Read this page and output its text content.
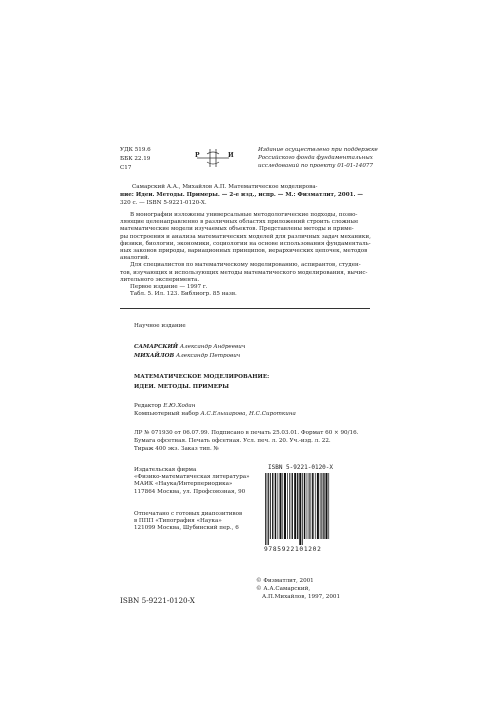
УДК 519.6
ББК 22.19
С17
Р	И
Издание осуществлено при поддержке
Российского фонда фундаментальных
исследований по проекту 01-01-14077
Самарский А.А., Михайлов А.П. Математическое моделирова-
ние: Идеи. Методы. Примеры. — 2-е изд., испр. — М.: Физматлит, 2001. —
320 с. — ISBN 5-9221-0120-X.
В монографии изложены универсальные методологические подходы, позво-
ляющие целенаправленно в различных областях приложений строить сложные
математические модели изучаемых объектов. Представлены методы и приме-
ры построения и анализа математических моделей для различных задач механики,
физики, биологии, экономики, социологии на основе использования фундаменталь-
ных законов природы, вариационных принципов, иерархических цепочек, методов
аналогий.
Для специалистов по математическому моделированию, аспирантов, студен-
тов, изучающих и использующих методы математического моделирования, вычис-
лительного эксперимента.
Первое издание — 1997 г.
Табл. 5. Ил. 123. Библиогр. 85 назв.
Научное издание
САМАРСКИЙ Александр Андреевич
МИХАЙЛОВ Александр Петрович
МАТЕМАТИЧЕСКОЕ МОДЕЛИРОВАНИЕ:
ИДЕИ. МЕТОДЫ. ПРИМЕРЫ
Редактор Е.Ю.Ходан
Компьютерный набор А.С.Ельшарова, Н.С.Сироткина
ЛР № 071930 от 06.07.99. Подписано в печать 25.03.01. Формат 60 × 90/16.
Бумага офсетная. Печать офсетная. Усл. печ. л. 20. Уч.-изд. л. 22.
Тираж 400 экз. Заказ тип. №
Издательская фирма
«Физико-математическая литература»
МАИК «Наука/Интерпериодика»
117864 Москва, ул. Профсоюзная, 90
Отпечатано с готовых диапозитивов
в ППП «Типография «Наука»
121099 Москва, Шубинский пер., 6
ISBN 5-9221-0120-X
9785922101202
© Физматлит, 2001
© А.А.Самарский,
А.П.Михайлов, 1997, 2001
ISBN 5-9221-0120-X
